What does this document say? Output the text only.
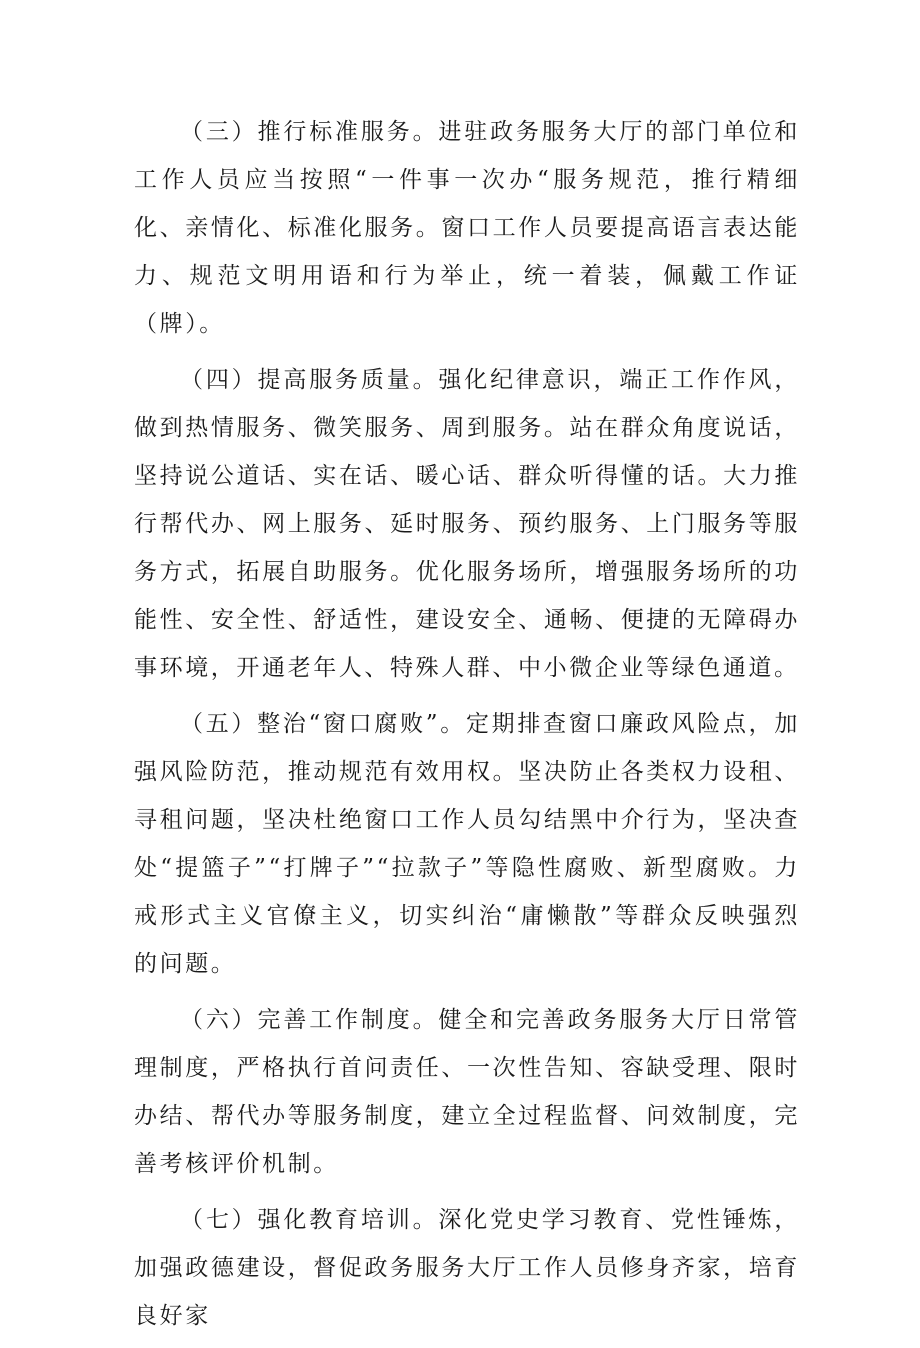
（三）推行标准服务。进驻政务服务大厅的部门单位和工作人员应当按照“一件事一次办“服务规范，推行精细化、亲情化、标准化服务。窗口工作人员要提高语言表达能力、规范文明用语和行为举止，统一着装，佩戴工作证（牌）。

（四）提高服务质量。强化纪律意识，端正工作作风，做到热情服务、微笑服务、周到服务。站在群众角度说话，坚持说公道话、实在话、暖心话、群众听得懂的话。大力推行帮代办、网上服务、延时服务、预约服务、上门服务等服务方式，拓展自助服务。优化服务场所，增强服务场所的功能性、安全性、舒适性，建设安全、通畅、便捷的无障碍办事环境，开通老年人、特殊人群、中小微企业等绿色通道。

（五）整治“窗口腐败”。定期排查窗口廉政风险点，加强风险防范，推动规范有效用权。坚决防止各类权力设租、寻租问题，坚决杜绝窗口工作人员勾结黑中介行为，坚决查处“提篮子”“打牌子”“拉款子”等隐性腐败、新型腐败。力戒形式主义官僚主义，切实纠治“庸懒散”等群众反映强烈的问题。

（六）完善工作制度。健全和完善政务服务大厅日常管理制度，严格执行首问责任、一次性告知、容缺受理、限时办结、帮代办等服务制度，建立全过程监督、问效制度，完善考核评价机制。

（七）强化教育培训。深化党史学习教育、党性锤炼，加强政德建设，督促政务服务大厅工作人员修身齐家，培育良好家
